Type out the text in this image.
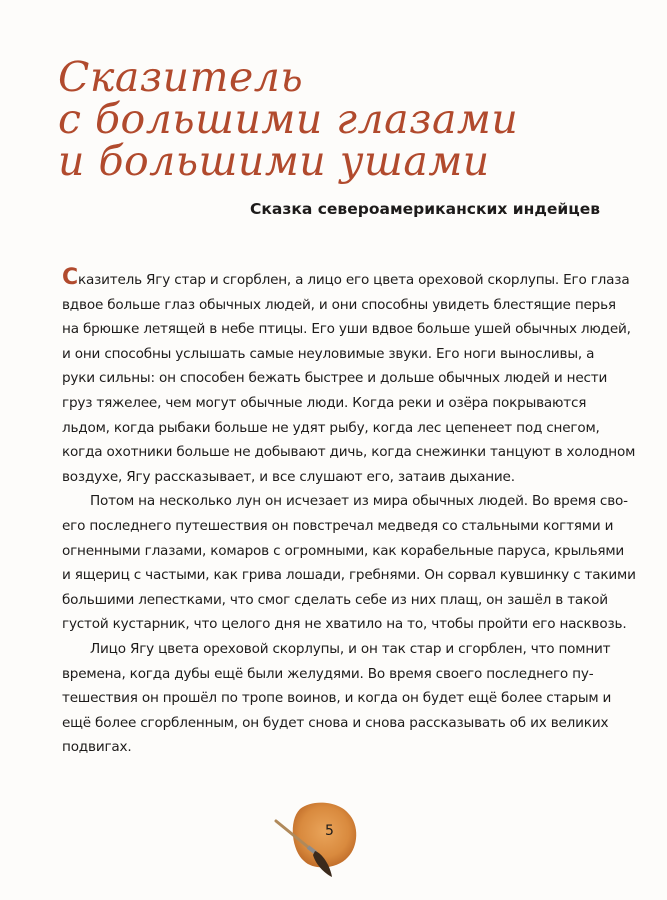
Сказитель
с большими глазами
и большими ушами
Сказка североамериканских индейцев

Сказитель Ягу стар и сгорблен, а лицо его цвета ореховой скорлупы. Его глаза
вдвое больше глаз обычных людей, и они способны увидеть блестящие перья
на брюшке летящей в небе птицы. Его уши вдвое больше ушей обычных людей,
и они способны услышать самые неуловимые звуки. Его ноги выносливы, а
руки сильны: он способен бежать быстрее и дольше обычных людей и нести
груз тяжелее, чем могут обычные люди. Когда реки и озёра покрываются
льдом, когда рыбаки больше не удят рыбу, когда лес цепенеет под снегом,
когда охотники больше не добывают дичь, когда снежинки танцуют в холодном
воздухе, Ягу рассказывает, и все слушают его, затаив дыхание.

Потом на несколько лун он исчезает из мира обычных людей. Во время сво-
его последнего путешествия он повстречал медведя со стальными когтями и
огненными глазами, комаров с огромными, как корабельные паруса, крыльями
и ящериц с частыми, как грива лошади, гребнями. Он сорвал кувшинку с такими
большими лепестками, что смог сделать себе из них плащ, он зашёл в такой
густой кустарник, что целого дня не хватило на то, чтобы пройти его насквозь.

Лицо Ягу цвета ореховой скорлупы, и он так стар и сгорблен, что помнит
времена, когда дубы ещё были желудями. Во время своего последнего пу-
тешествия он прошёл по тропе воинов, и когда он будет ещё более старым и
ещё более сгорбленным, он будет снова и снова рассказывать об их великих
подвигах.

5
